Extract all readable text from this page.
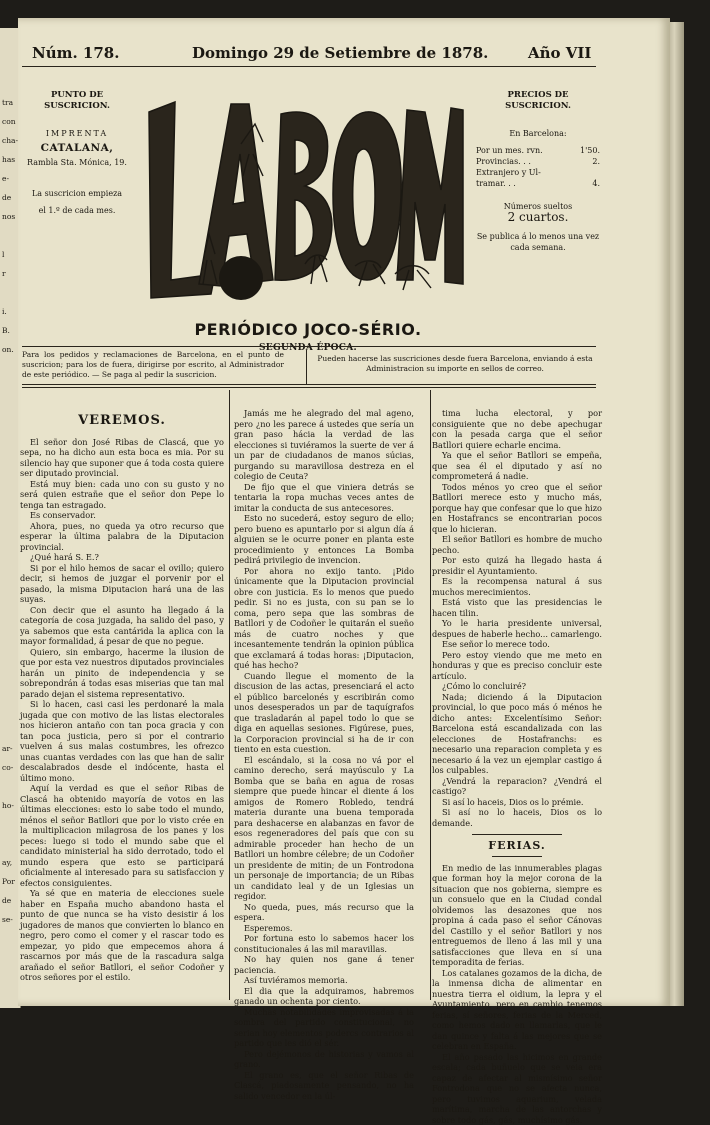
tra
con
cha-
has
e-
de
nos

l
r

i.
B.
on.

ar-
co-

ho-

ay,
Por
de
se-
Núm. 178.	Domingo 29 de Setiembre de 1878.	Año VII
PUNTO DE SUSCRICION.
IMPRENTA
CATALANA,
Rambla Sta. Mónica, 19.
La suscricion empieza
el 1.º de cada mes.
PRECIOS DE SUSCRICION.
En Barcelona:
Por un mes. rvn.	1'50.
Provincias. . .	2.
Extranjero y Ul-
tramar. . .	4.
Números sueltos
2 cuartos.
Se publica á lo menos una vez cada semana.
PERIÓDICO JOCO-SÉRIO.
SEGUNDA ÉPOCA.
Para los pedidos y reclamaciones de Barcelona, en el punto de suscricion; para los de fuera, dirigirse por escrito, al Administrador de este periódico. — Se paga al pedir la suscricion.
Pueden hacerse las suscriciones desde fuera Barcelona, enviando á esta Administracion su importe en sellos de correo.
VEREMOS.

El señor don José Ribas de Clascá, que yo sepa, no ha dicho aun esta boca es mia. Por su silencio hay que suponer que á toda costa quiere ser diputado provincial.

Está muy bien: cada uno con su gusto y no será quien estrañe que el señor don Pepe lo tenga tan estragado.

Es conservador.

Ahora, pues, no queda ya otro recurso que esperar la última palabra de la Diputacion provincial.

¿Qué hará S. E.?

Si por el hilo hemos de sacar el ovillo; quiero decir, si hemos de juzgar el porvenir por el pasado, la misma Diputacion hará una de las suyas.

Con decir que el asunto ha llegado á la categoría de cosa juzgada, ha salido del paso, y ya sabemos que esta cantárida la aplica con la mayor formalidad, á pesar de que no pegue.

Quiero, sin embargo, hacerme la ilusion de que por esta vez nuestros diputados provinciales harán un pinito de independencia y se sobrepondrán á todas esas miserias que tan mal parado dejan el sistema representativo.

Si lo hacen, casi casi les perdonaré la mala jugada que con motivo de las listas electorales nos hicieron antaño con tan poca gracia y con tan poca justicia, pero si por el contrario vuelven á sus malas costumbres, les ofrezco unas cuantas verdades con las que han de salir descalabrados desde el indócente, hasta el último mono.

Aquí la verdad es que el señor Ribas de Clascá ha obtenido mayoría de votos en las últimas elecciones: esto lo sabe todo el mundo, ménos el señor Batllori que por lo visto crée en la multiplicacion milagrosa de los panes y los peces: luego si todo el mundo sabe que el candidato ministerial ha sido derrotado, todo el mundo espera que esto se participará oficialmente al interesado para su satisfaccion y efectos consiguientes.

Ya sé que en materia de elecciones suele haber en España mucho abandono hasta el punto de que nunca se ha visto desistir á los jugadores de manos que convierten lo blanco en negro, pero como el comer y el rascar todo es empezar, yo pido que empecemos ahora á rascarnos por más que de la rascadura salga arañado el señor Batllori, el señor Codoñer y otros señores por el estilo.

Jamás me he alegrado del mal ageno, pero ¿no les parece á ustedes que sería un gran paso hácia la verdad de las elecciones si tuviéramos la suerte de ver á un par de ciudadanos de manos súcias, purgando su maravillosa destreza en el colegio de Ceuta?

De fijo que el que viniera detrás se tentaria la ropa muchas veces antes de imitar la conducta de sus antecesores.

Esto no sucederá, estoy seguro de ello; pero bueno es apuntarlo por si algun día á alguien se le ocurre poner en planta este procedimiento y entonces La Bomba pedirá privilegio de invencion.

Por ahora no exijo tanto. ¡Pido únicamente que la Diputacion provincial obre con justicia. Es lo menos que puedo pedir. Si no es justa, con su pan se lo coma, pero sepa que las sombras de Batllori y de Codoñer le quitarán el sueño más de cuatro noches y que incesantemente tendrán la opinion pública que exclamará á todas horas: ¡Diputacion, qué has hecho?

Cuando llegue el momento de la discusion de las actas, presenciará el acto el público barcelonés y escribirán como unos desesperados un par de taquígrafos que trasladarán al papel todo lo que se diga en aquellas sesiones. Figúrese, pues, la Corporacion provincial si ha de ir con tiento en esta cuestion.

El escándalo, si la cosa no vá por el camino derecho, será mayúsculo y La Bomba que se baña en agua de rosas siempre que puede hincar el diente á los amigos de Romero Robledo, tendrá materia durante una buena temporada para deshacerse en alabanzas en favor de esos regeneradores del país que con su admirable proceder han hecho de un Batllori un hombre célebre; de un Codoñer un presidente de mitin; de un Fontrodona un personaje de importancia; de un Ribas un candidato leal y de un Iglesias un regidor.

No queda, pues, más recurso que la espera.

Esperemos.

Por fortuna esto lo sabemos hacer los constitucionales á las mil maravillas.

No hay quien nos gane á tener paciencia.

Así tuviéramos memoria.

El dia que la adquiramos, habremos ganado un ochenta por ciento.

Muchas notabilidades improvisadas á la sombra del partido constitucional, no serian hoy elementos podercs contrarios al partido que les dió el sér.

Pero dejémonos de historias y vamos al grano.

El grano es, que el señor Ribas de Clascá, piadosamente pensando, no ha salido vencedor en la úl-

tima lucha electoral, y por consiguiente que no debe apechugar con la pesada carga que el señor Batllori quiere echarle encima.

Ya que el señor Batllori se empeña, que sea él el diputado y así no comprometerá á nadie.

Todos ménos yo creo que el señor Batllori merece esto y mucho más, porque hay que confesar que lo que hizo en Hostafrancs se encontrarian pocos que lo hicieran.

El señor Batllori es hombre de mucho pecho.

Por esto quizá ha llegado hasta á presidir el Ayuntamiento.

Es la recompensa natural á sus muchos merecimientos.

Está visto que las presidencias le hacen tilin.

Yo le haria presidente universal, despues de haberle hecho... camarlengo.

Ese señor lo merece todo.

Pero estoy viendo que me meto en honduras y que es preciso concluir este artículo.

¿Cómo lo concluiré?

Nada; diciendo á la Diputacion provincial, lo que poco más ó ménos he dicho antes: Excelentísimo Señor: Barcelona está escandalizada con las elecciones de Hostafranchs: es necesario una reparacion completa y es necesario á la vez un ejemplar castigo á los culpables.

¿Vendrá la reparacion? ¿Vendrá el castigo?

Si así lo haceis, Dios os lo prémie.

Si así no lo haceis, Dios os lo demande.

FERIAS.

En medio de las innumerables plagas que forman hoy la mejor corona de la situacion que nos gobierna, siempre es un consuelo que en la Ciudad condal olvidemos las desazones que nos propina á cada paso el señor Cánovas del Castillo y el señor Batllori y nos entreguemos de lleno á las mil y una satisfacciones que lleva en sí una temporadita de ferias.

Los catalanes gozamos de la dicha, de la inmensa dicha de alimentar en nuestra tierra el oidium, la lepra y el Ayuntamiento, pero en cambio tenemos ferias, sí señores, ferias de la Merced, como hemos dado en llamarlas, que le dan quince y falta á las mejores que se celebran en España.

El año pasado las hicimos en grande escala; cada buñuelo que se veia era capaz de afectar al mismísimo señor Fontrodona que no se afecta nunca, pero tuvimos aquarium, velada marítima, marcha de las antorchas y sobre todo gás, gás, muchísimo gás.
